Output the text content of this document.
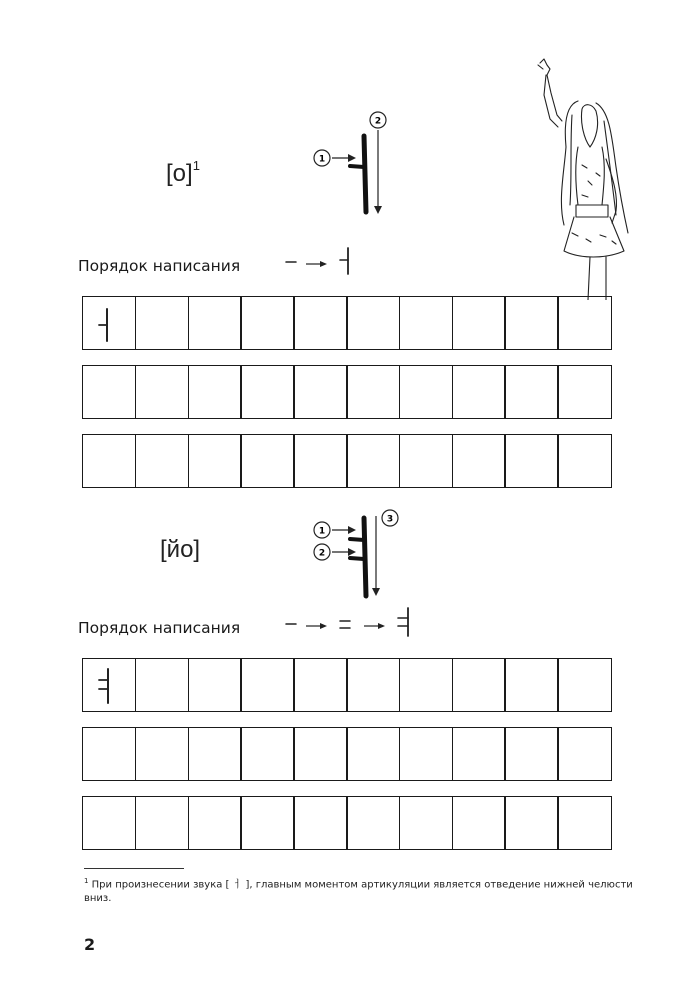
$[о]^1$
2
1
Порядок написания
[йо]
3
1
2
Порядок написания
$^1$ При произнесении звука [ ㅓ ], главным моментом артикуляции является отведение нижней челюсти вниз.
2
